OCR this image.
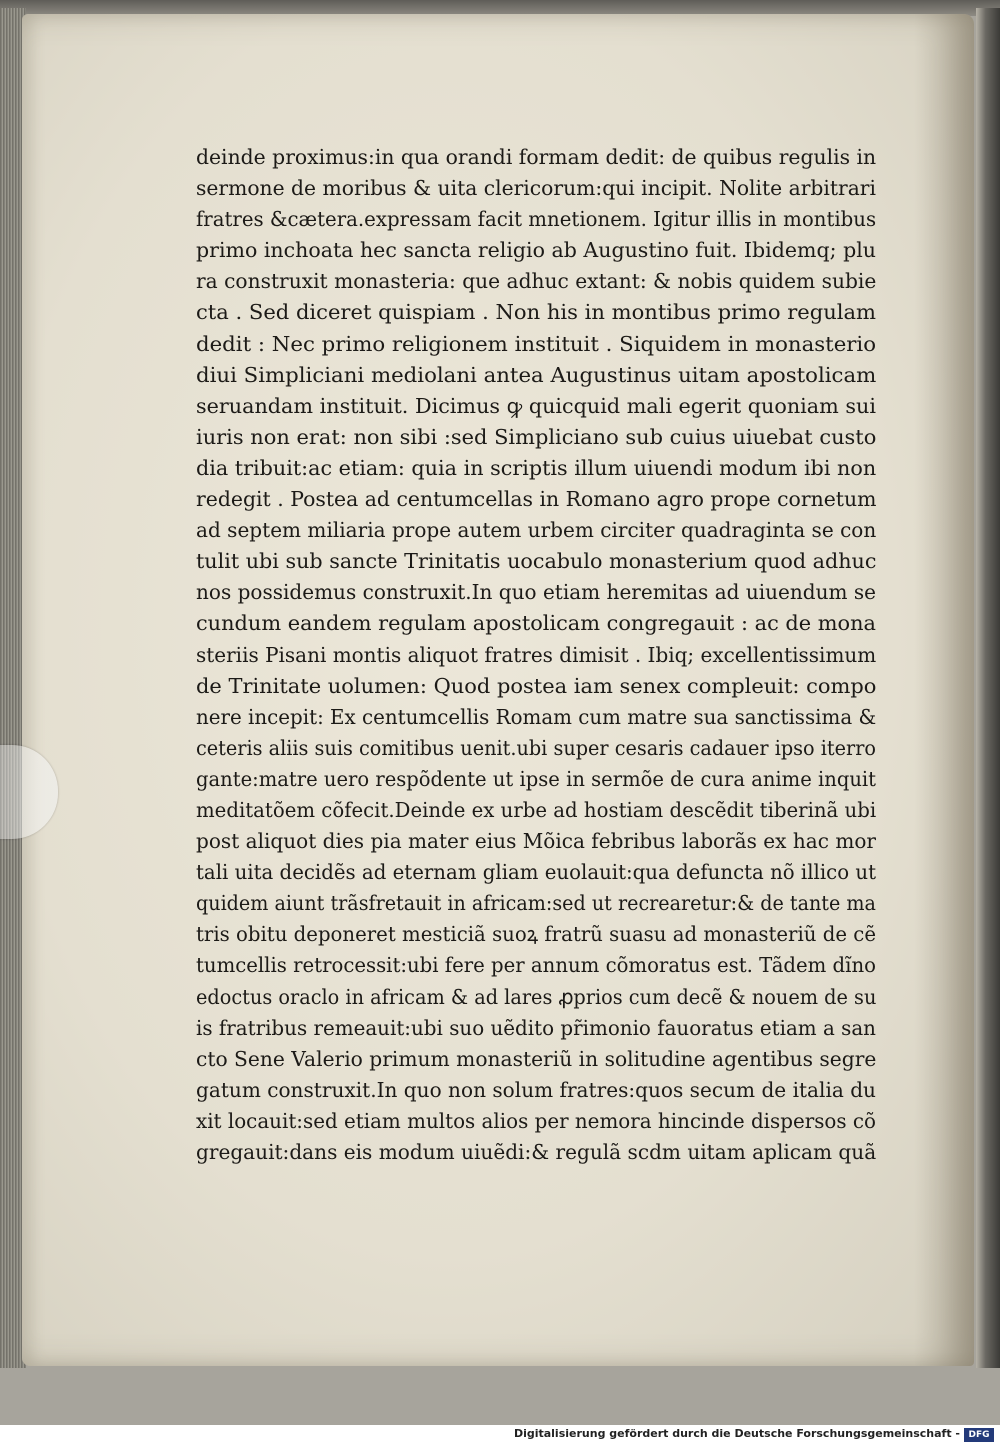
deinde proximus:in qua orandi formam dedit: de quibus regulis in
sermone de moribus & uita clericorum:qui incipit. Nolite arbitrari
fratres &cætera.expressam facit mnetionem. Igitur illis in montibus
primo inchoata hec sancta religio ab Augustino fuit. Ibidemq; plu
ra construxit monasteria: que adhuc extant: & nobis quidem subie
cta . Sed diceret quispiam . Non his in montibus primo regulam
dedit : Nec primo religionem instituit . Siquidem in monasterio
diui Simpliciani mediolani antea Augustinus uitam apostolicam
seruandam instituit. Dicimus ꝙ quicquid mali egerit quoniam sui
iuris non erat: non sibi :sed Simpliciano sub cuius uiuebat custo
dia tribuit:ac etiam: quia in scriptis illum uiuendi modum ibi non
redegit . Postea ad centumcellas in Romano agro prope cornetum
ad septem miliaria prope autem urbem circiter quadraginta se con
tulit ubi sub sancte Trinitatis uocabulo monasterium quod adhuc
nos possidemus construxit.In quo etiam heremitas ad uiuendum se
cundum eandem regulam apostolicam congregauit : ac de mona
steriis Pisani montis aliquot fratres dimisit . Ibiq; excellentissimum
de Trinitate uolumen: Quod postea iam senex compleuit: compo
nere incepit: Ex centumcellis Romam cum matre sua sanctissima &
ceteris aliis suis comitibus uenit.ubi super cesaris cadauer ipso iterro
gante:matre uero respõdente ut ipse in sermõe de cura anime inquit
meditatõem cõfecit.Deinde ex urbe ad hostiam descẽdit tiberinã ubi
post aliquot dies pia mater eius Mõica febribus laborãs ex hac mor
tali uita decidẽs ad eternam gliam euolauit:qua defuncta nõ illico ut
quidem aiunt trãsfretauit in africam:sed ut recrearetur:& de tante ma
tris obitu deponeret mesticiã suoꝝ fratrũ suasu ad monasteriũ de cẽ
tumcellis retrocessit:ubi fere per annum cõmoratus est. Tãdem dĩno
edoctus oraclo in africam & ad lares ꝓprios cum decẽ & nouem de su
is fratribus remeauit:ubi suo uẽdito pr̃imonio fauoratus etiam a san
cto Sene Valerio primum monasteriũ in solitudine agentibus segre
gatum construxit.In quo non solum fratres:quos secum de italia du
xit locauit:sed etiam multos alios per nemora hincinde dispersos cõ
gregauit:dans eis modum uiuẽdi:& regulã scdm uitam aplicam quã
Digitalisierung gefördert durch die Deutsche Forschungsgemeinschaft - DFG
